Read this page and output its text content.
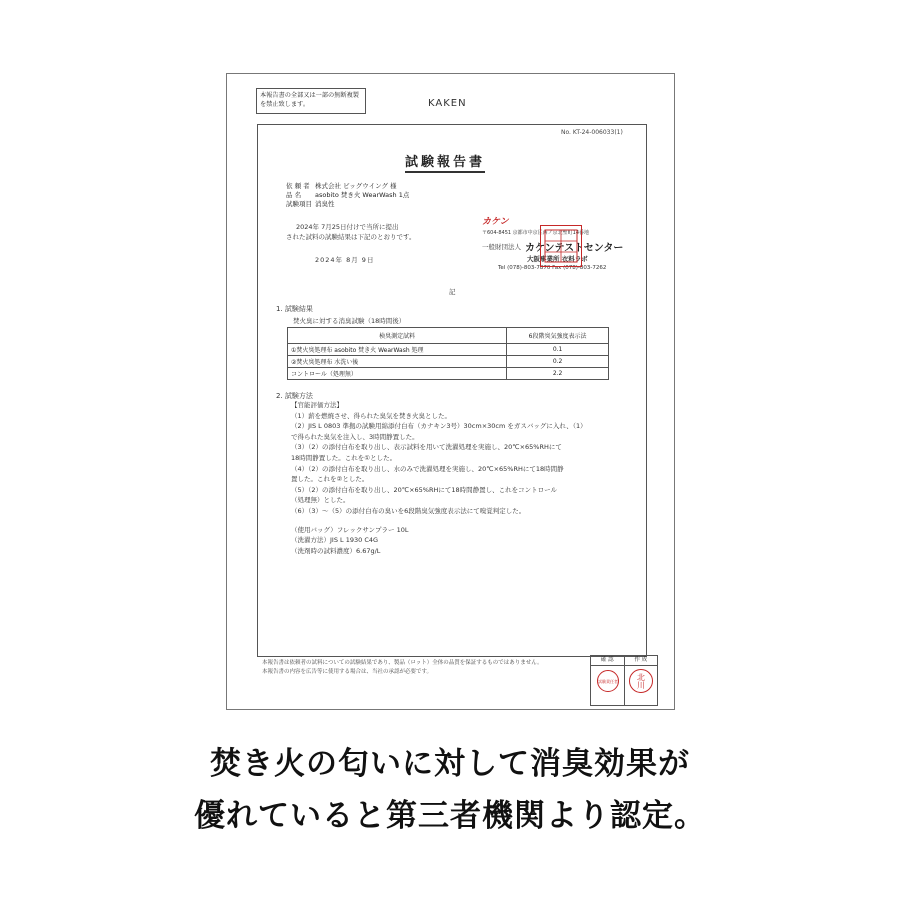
本報告書の全部又は一部の無断複製を禁止致します。	KAKEN
No. KT-24-006033(1)
試験報告書
依 頼 者	株式会社 ビッグウイング 様
品 名	asobito 焚き火 WearWash 1点
試験項目	消臭性
2024年 7月25日付けで当所に提出
された試料の試験結果は下記のとおりです。
2024年 8月 9日
カケン
〒604-8451 京都市中京区西ノ京北聖町14番地
一般財団法人 カケンテストセンター
大阪事業所 衣料ラボ
Tel (078)-803-7870 Fax (078)-803-7262
記
1. 試験結果
焚火臭に対する消臭試験（18時間後）
検臭測定試料	6段階臭気強度表示法
①焚火臭処理布 asobito 焚き火 WearWash 処理	0.1
②焚火臭処理布 水洗い後	0.2
コントロール（処理無）	2.2
2. 試験方法
【官能評価方法】
（1）薪を燃焼させ、得られた臭気を焚き火臭とした。
（2）JIS L 0803 準拠の試験用綿添付白布（カナキン3号）30cm×30cm をガスバッグに入れ、（1）
で得られた臭気を注入し、3時間静置した。
（3）（2）の添付白布を取り出し、表示試料を用いて洗濯処理を実施し、20℃×65%RHにて
18時間静置した。これを①とした。
（4）（2）の添付白布を取り出し、水のみで洗濯処理を実施し、20℃×65%RHにて18時間静
置した。これを②とした。
（5）（2）の添付白布を取り出し、20℃×65%RHにて18時間静置し、これをコントロール
（処理無）とした。
（6）（3）～（5）の添付白布の臭いを6段階臭気強度表示法にて嗅覚判定した。
（使用バッグ）フレックサンプラー 10L
（洗濯方法）JIS L 1930 C4G
（洗剤時の試料濃度）6.67g/L
本報告書は依頼者の試料についての試験結果であり、製品（ロット）全体の品質を保証するものではありません。
本報告書の内容を広告等に使用する場合は、当社の承認が必要です。
確 認	作 成
試験責任者	北川
焚き火の匂いに対して消臭効果が
優れていると第三者機関より認定。
